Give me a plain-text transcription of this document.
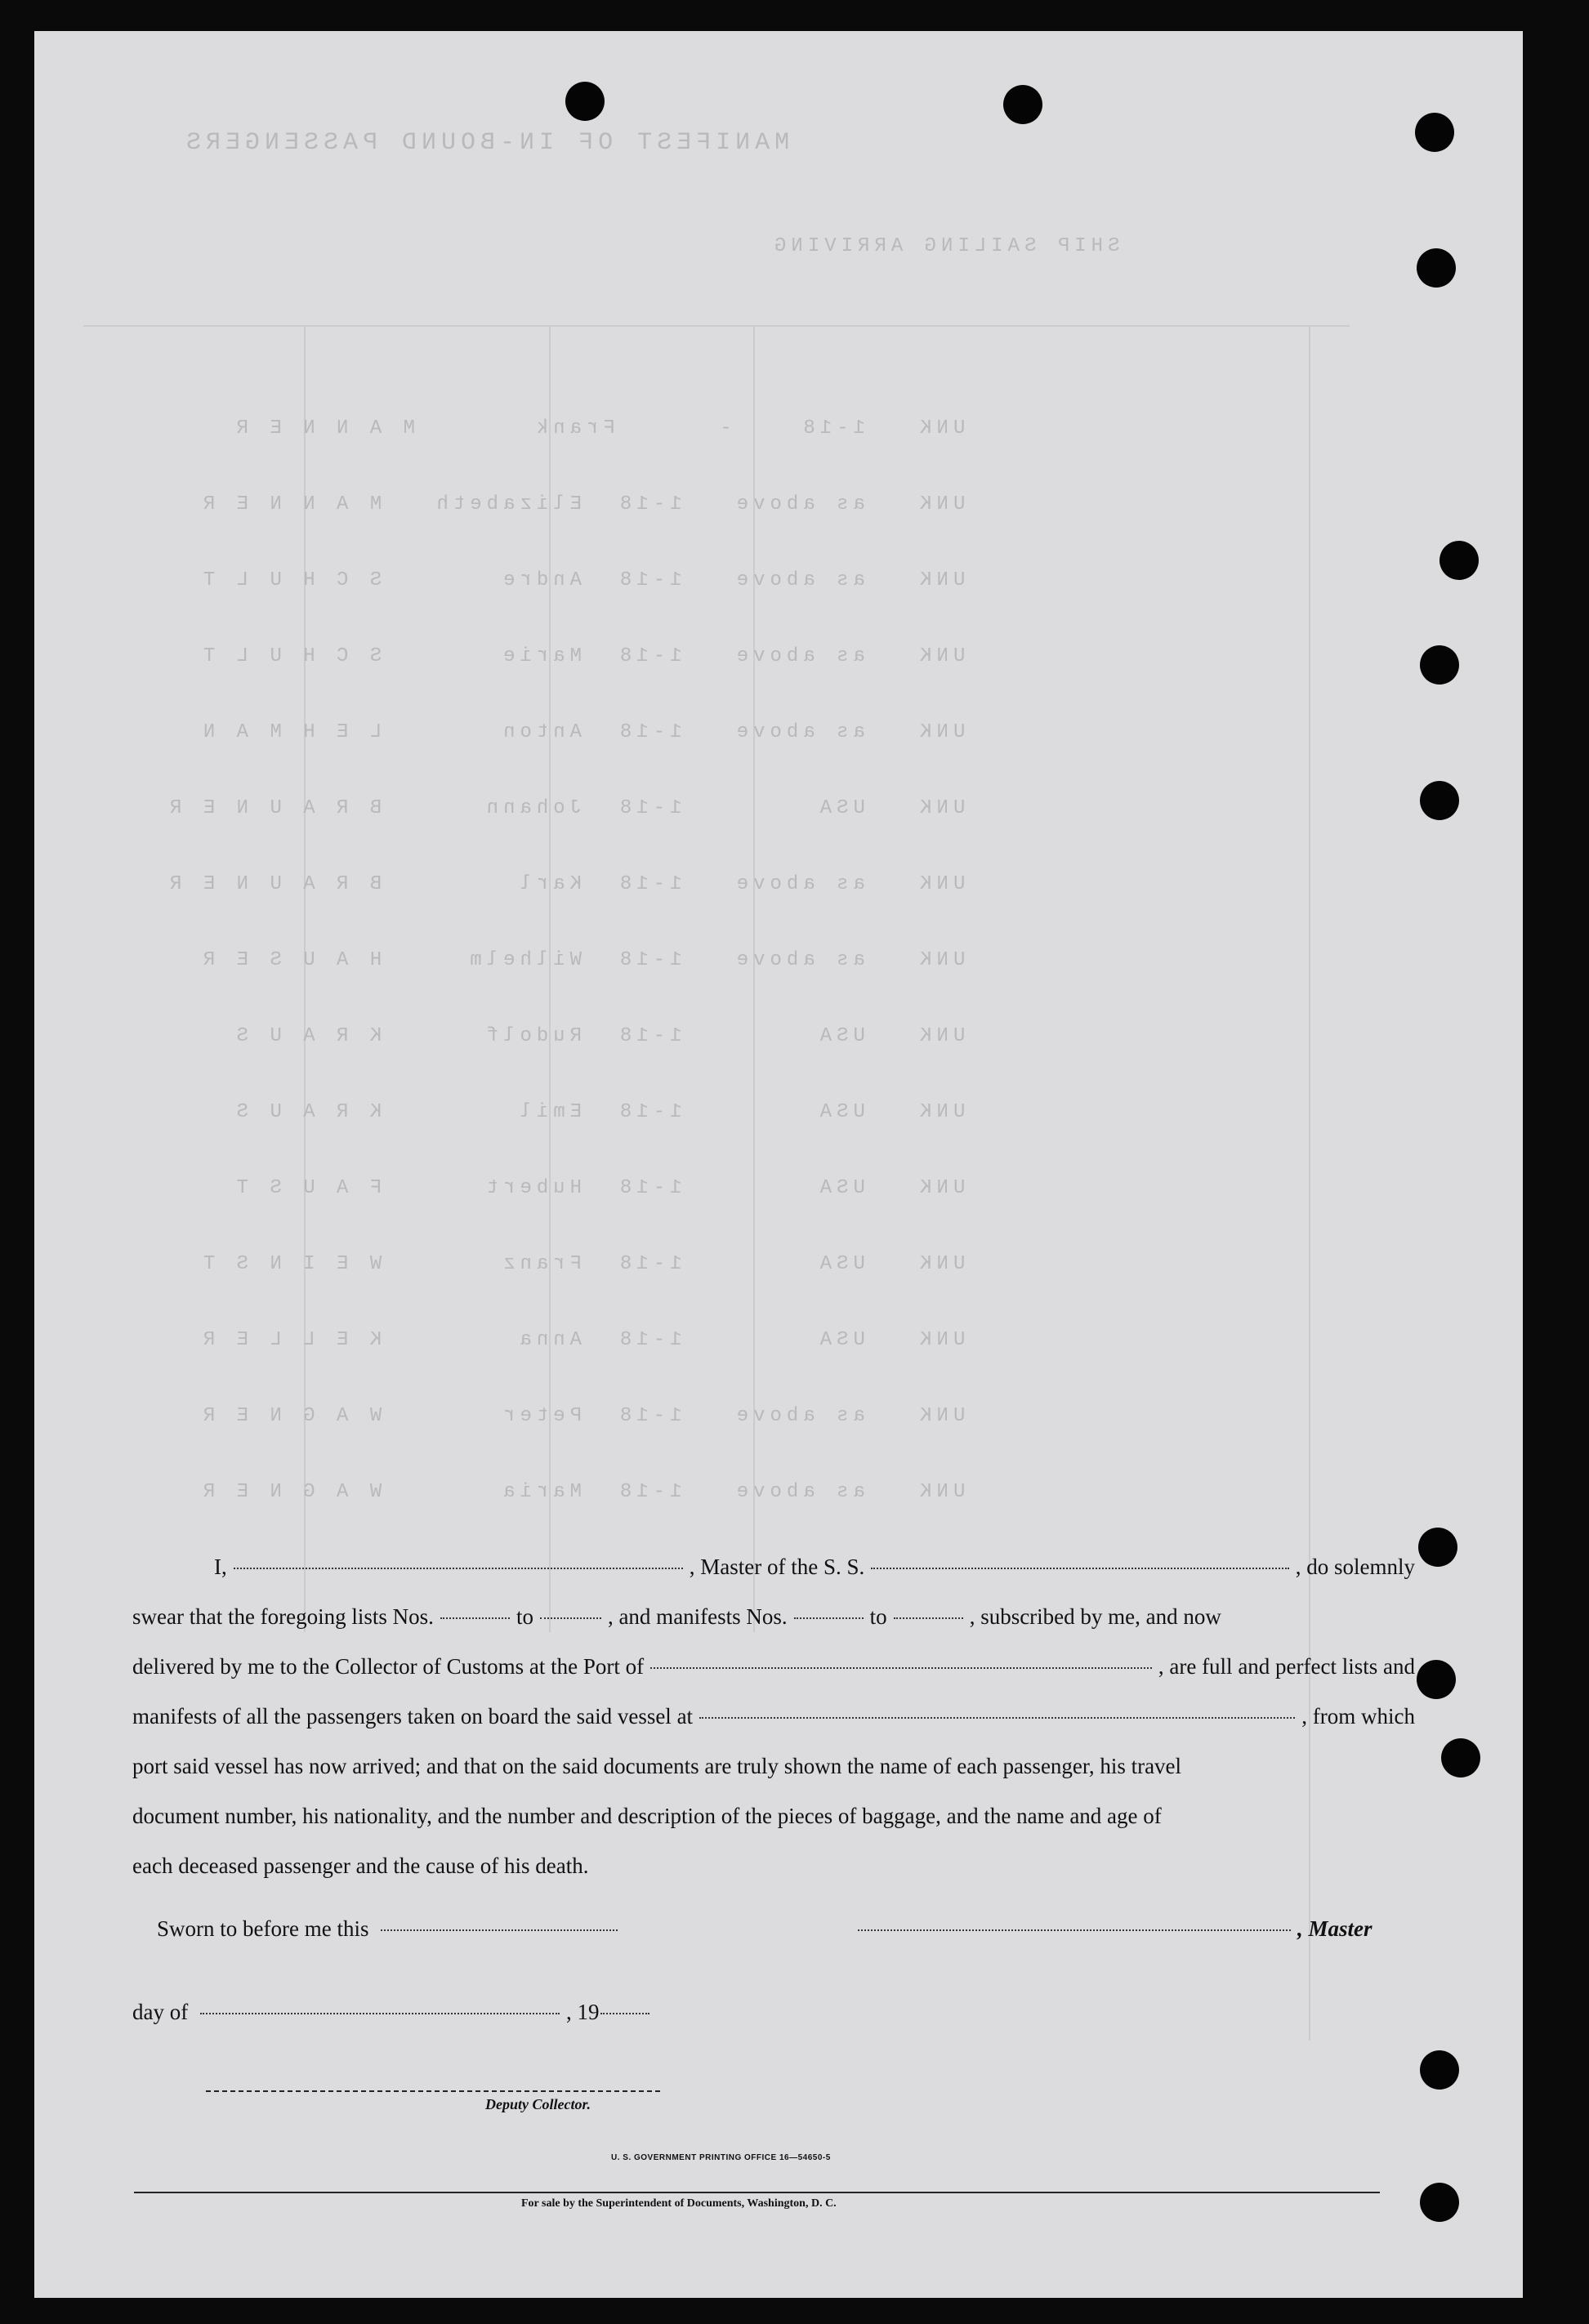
MANIFEST OF IN-BOUND PASSENGERS
SHIP SAILING ARRIVING
UNK   1-18    -      Frank       M A N N E R
UNK   as above   1-18  Elizabeth   M A N N E R
UNK   as above   1-18  Andre       S C H U L T
UNK   as above   1-18  Marie       S C H U L T
UNK   as above   1-18  Anton       L E H M A N
UNK   USA        1-18  Johann      B R A U N E R
UNK   as above   1-18  Karl        B R A U N E R
UNK   as above   1-18  Wilhelm     H A U S E R
UNK   USA        1-18  Rudolf      K R A U S
UNK   USA        1-18  Emil        K R A U S
UNK   USA        1-18  Hubert      F A U S T
UNK   USA        1-18  Franz       W E I N S T
UNK   USA        1-18  Anna        K E L L E R
UNK   as above   1-18  Peter       W A G N E R
UNK   as above   1-18  Maria       W A G N E R
I,	, Master of the S. S.	, do solemnly
swear that the foregoing lists Nos.	to	, and manifests Nos.	to	, subscribed by me, and now
delivered by me to the Collector of Customs at the Port of	, are full and perfect lists and
manifests of all the passengers taken on board the said vessel at	, from which
port said vessel has now arrived; and that on the said documents are truly shown the name of each passenger, his travel
document number, his nationality, and the number and description of the pieces of baggage, and the name and age of
each deceased passenger and the cause of his death.
Sworn to before me this	, Master
day of	, 19
Deputy Collector.
U. S. GOVERNMENT PRINTING OFFICE 16—54650-5
For sale by the Superintendent of Documents, Washington, D. C.
